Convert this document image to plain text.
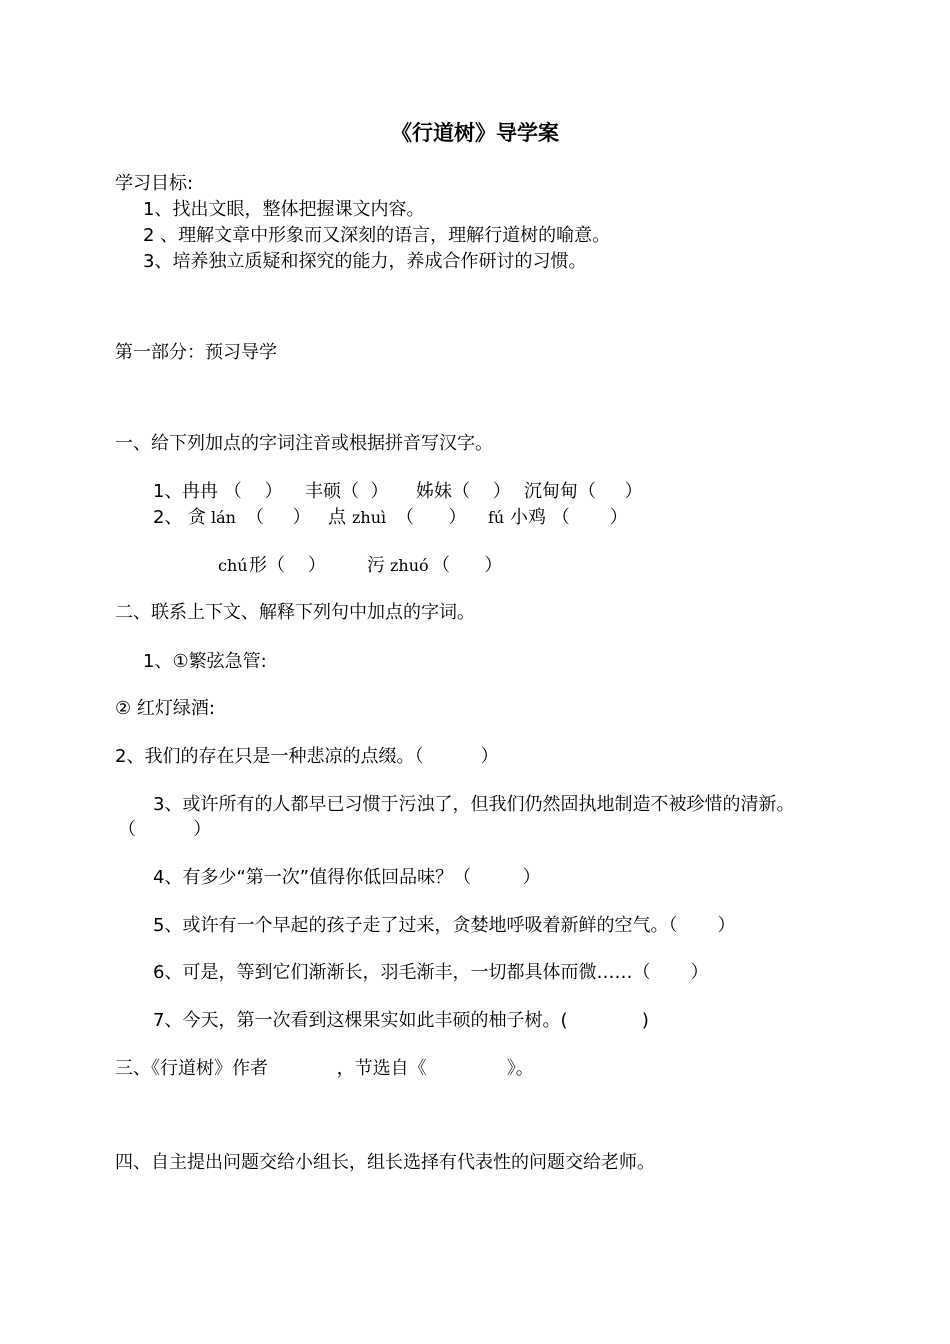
《行道树》导学案
学习目标:
1、找出文眼，整体把握课文内容。
2 、理解文章中形象而又深刻的语言，理解行道树的喻意。
3、培养独立质疑和探究的能力，养成合作研讨的习惯。
第一部分：预习导学
一、给下列加点的字词注音或根据拼音写汉字。
1、 冉冉 （    ） 丰硕（  ） 姊妹（    ） 沉甸甸（     ）
2、 贪 lán （     ） 点 zhuì （      ） fú 小鸡 （       ）
chú 形（    ） 污 zhuó （      ）
二、联系上下文、解释下列句中加点的字词。
1、①繁弦急管:
② 红灯绿酒:
2、我们的存在只是一种悲凉的点缀。（          ）
3、或许所有的人都早已习惯于污浊了，但我们仍然固执地制造不被珍惜的清新。
（          ）
4、有多少“第一次”值得你低回品味？（         ）
5、或许有一个早起的孩子走了过来，贪婪地呼吸着新鲜的空气。（       ）
6、可是，等到它们渐渐长，羽毛渐丰，一切都具体而微……（       ）
7、今天，第一次看到这棵果实如此丰硕的柚子树。(             )
三、《行道树》作者            ，节选自《              》。
四、自主提出问题交给小组长，组长选择有代表性的问题交给老师。
